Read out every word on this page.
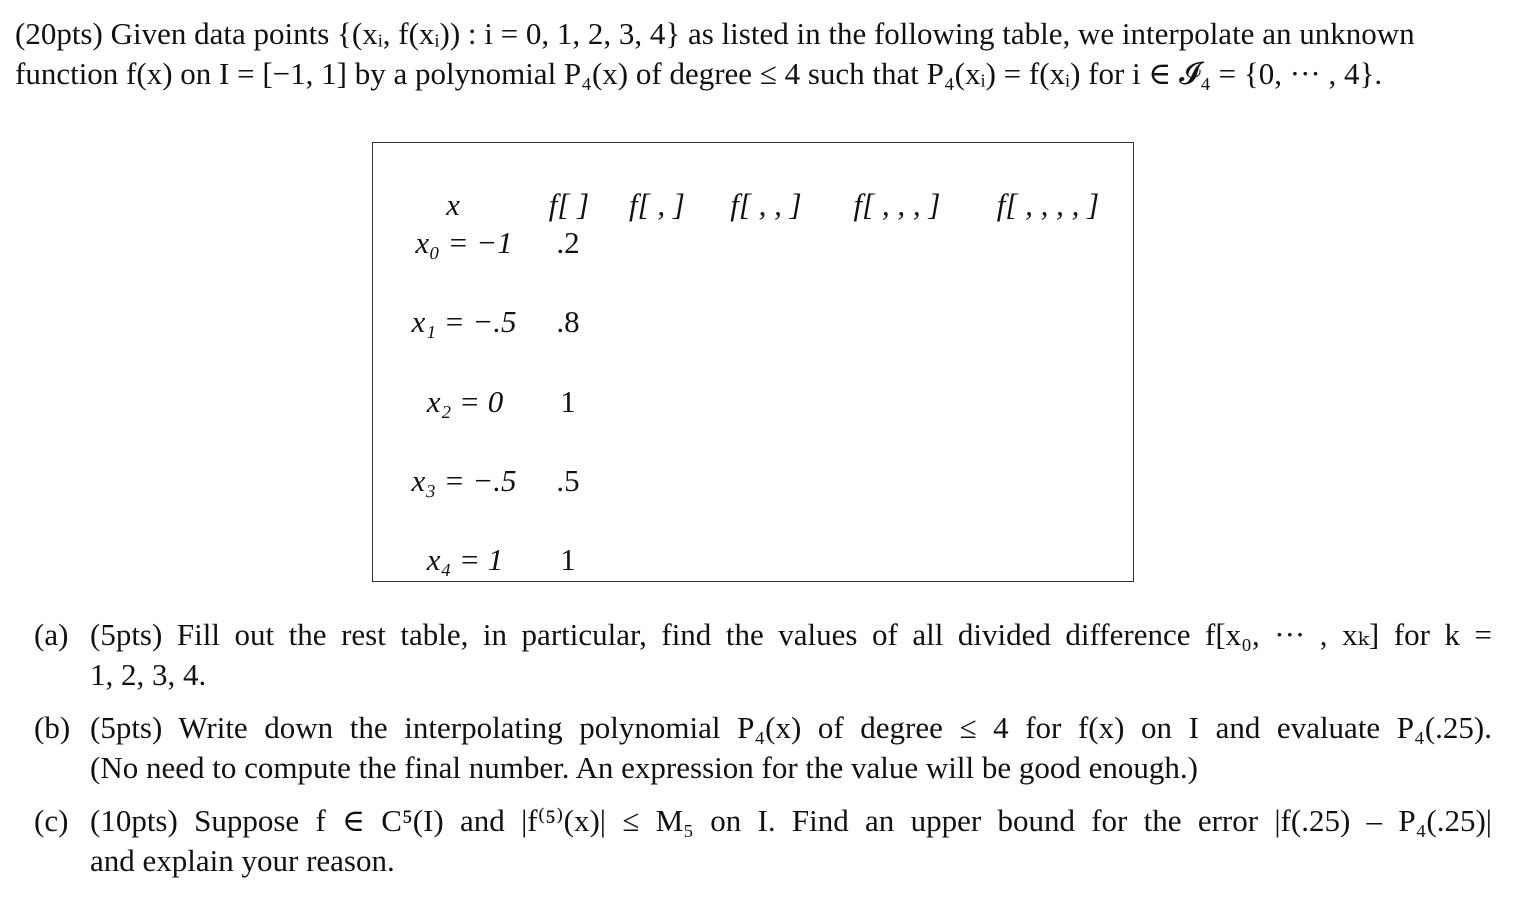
(20pts) Given data points {(xᵢ, f(xᵢ)) : i = 0, 1, 2, 3, 4} as listed in the following table, we interpolate an unknown
function f(x) on I = [−1, 1] by a polynomial P₄(x) of degree ≤ 4 such that P₄(xᵢ) = f(xᵢ) for i ∈ 𝓘₄ = {0, ··· , 4}.
x	f[ ]	f[ , ]	f[ , , ]	f[ , , , ]	f[ , , , , ]
x₀ = −1	.2
x₁ = −.5	.8
x₂ = 0	1
x₃ = −.5	.5
x₄ = 1	1
(a) (5pts) Fill out the rest table, in particular, find the values of all divided difference f[x₀, ··· , xₖ] for k =
1, 2, 3, 4.
(b) (5pts) Write down the interpolating polynomial P₄(x) of degree ≤ 4 for f(x) on I and evaluate P₄(.25).
(No need to compute the final number. An expression for the value will be good enough.)
(c) (10pts) Suppose f ∈ C⁵(I) and |f⁽⁵⁾(x)| ≤ M₅ on I. Find an upper bound for the error |f(.25) – P₄(.25)|
and explain your reason.
